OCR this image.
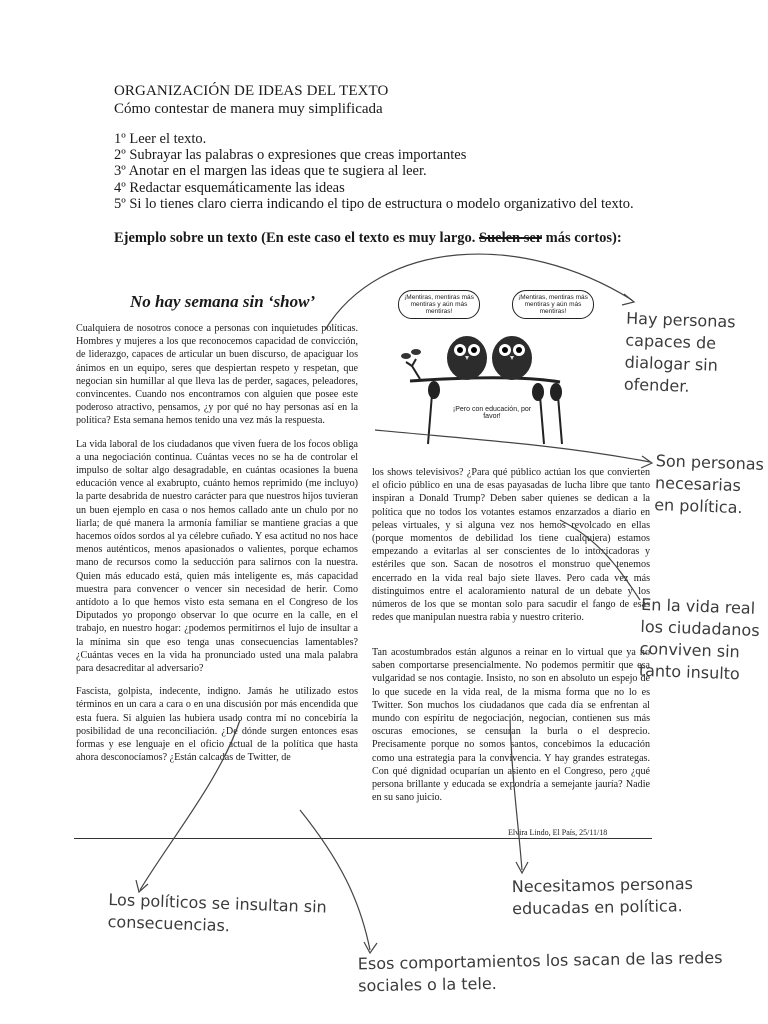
ORGANIZACIÓN DE IDEAS DEL TEXTO
Cómo contestar de manera muy simplificada
1º Leer el texto.
2º Subrayar las palabras o expresiones que creas importantes
3º Anotar en el margen las ideas que te sugiera al leer.
4º Redactar esquemáticamente las ideas
5º Si lo tienes claro cierra indicando el tipo de estructura o modelo organizativo del texto.
Ejemplo sobre un texto (En este caso el texto es muy largo. Suelen ser más cortos):
No hay semana sin ‘show’

Cualquiera de nosotros conoce a personas con inquietudes políticas. Hombres y mujeres a los que reconocemos capacidad de convicción, de liderazgo, capaces de articular un buen discurso, de apaciguar los ánimos en un equipo, seres que despiertan respeto y respetan, que negocian sin humillar al que lleva las de perder, sagaces, peleadores, convincentes. Cuando nos encontramos con alguien que posee este poderoso atractivo, pensamos, ¿y por qué no hay personas así en la política? Esta semana hemos tenido una vez más la respuesta.

La vida laboral de los ciudadanos que viven fuera de los focos obliga a una negociación continua. Cuántas veces no se ha de controlar el impulso de soltar algo desagradable, en cuántas ocasiones la buena educación vence al exabrupto, cuánto hemos reprimido (me incluyo) la parte desabrida de nuestro carácter para que nuestros hijos tuvieran un buen ejemplo en casa o nos hemos callado ante un chulo por no liarla; de qué manera la armonía familiar se mantiene gracias a que hacemos oídos sordos al ya célebre cuñado. Y esa actitud no nos hace menos auténticos, menos apasionados o valientes, porque echamos mano de recursos como la seducción para salirnos con la nuestra. Quien más educado está, quien más inteligente es, más capacidad muestra para convencer o vencer sin necesidad de herir. Como antídoto a lo que hemos visto esta semana en el Congreso de los Diputados yo propongo observar lo que ocurre en la calle, en el trabajo, en nuestro hogar: ¿podemos permitirnos el lujo de insultar a la mínima sin que eso tenga unas consecuencias lamentables? ¿Cuántas veces en la vida ha pronunciado usted una mala palabra para desacreditar al adversario?

Fascista, golpista, indecente, indigno. Jamás he utilizado estos términos en un cara a cara o en una discusión por más encendida que esta fuera. Si alguien las hubiera usado contra mí no concebiría la posibilidad de una reconciliación. ¿De dónde surgen entonces esas formas y ese lenguaje en el oficio actual de la política que hasta ahora desconocíamos? ¿Están calcadas de Twitter, de

¡Mentiras, mentiras más mentiras y aún más mentiras!
¡Mentiras, mentiras más mentiras y aún más mentiras!
¡Pero con educación, por favor!

los shows televisivos? ¿Para qué público actúan los que convierten el oficio público en una de esas payasadas de lucha libre que tanto inspiran a Donald Trump? Deben saber quienes se dedican a la política que no todos los votantes estamos enzarzados a diario en peleas virtuales, y si alguna vez nos hemos revolcado en ellas (porque momentos de debilidad los tiene cualquiera) estamos empezando a evitarlas al ser conscientes de lo intoxicadoras y estériles que son. Sacan de nosotros el monstruo que tenemos encerrado en la vida real bajo siete llaves. Pero cada vez más distinguimos entre el acaloramiento natural de un debate y los números de los que se montan solo para sacudir el fango de esas redes que manipulan nuestra rabia y nuestro criterio.

Tan acostumbrados están algunos a reinar en lo virtual que ya no saben comportarse presencialmente. No podemos permitir que esa vulgaridad se nos contagie. Insisto, no son en absoluto un espejo de lo que sucede en la vida real, de la misma forma que no lo es Twitter. Son muchos los ciudadanos que cada día se enfrentan al mundo con espíritu de negociación, negocian, contienen sus más oscuras emociones, se censuran la burla o el desprecio. Precisamente porque no somos santos, concebimos la educación como una estrategia para la convivencia. Y hay grandes estrategas. Con qué dignidad ocuparían un asiento en el Congreso, pero ¿qué persona brillante y educada se expondría a semejante jauría? Nadie en su sano juicio.

Elvira Lindo, El País, 25/11/18
Hay personas capaces de dialogar sin ofender.
Son personas necesarias en política.
En la vida real los ciudadanos conviven sin tanto insulto
Necesitamos personas educadas en política.
Los políticos se insultan sin consecuencias.
Esos comportamientos los sacan de las redes sociales o la tele.
